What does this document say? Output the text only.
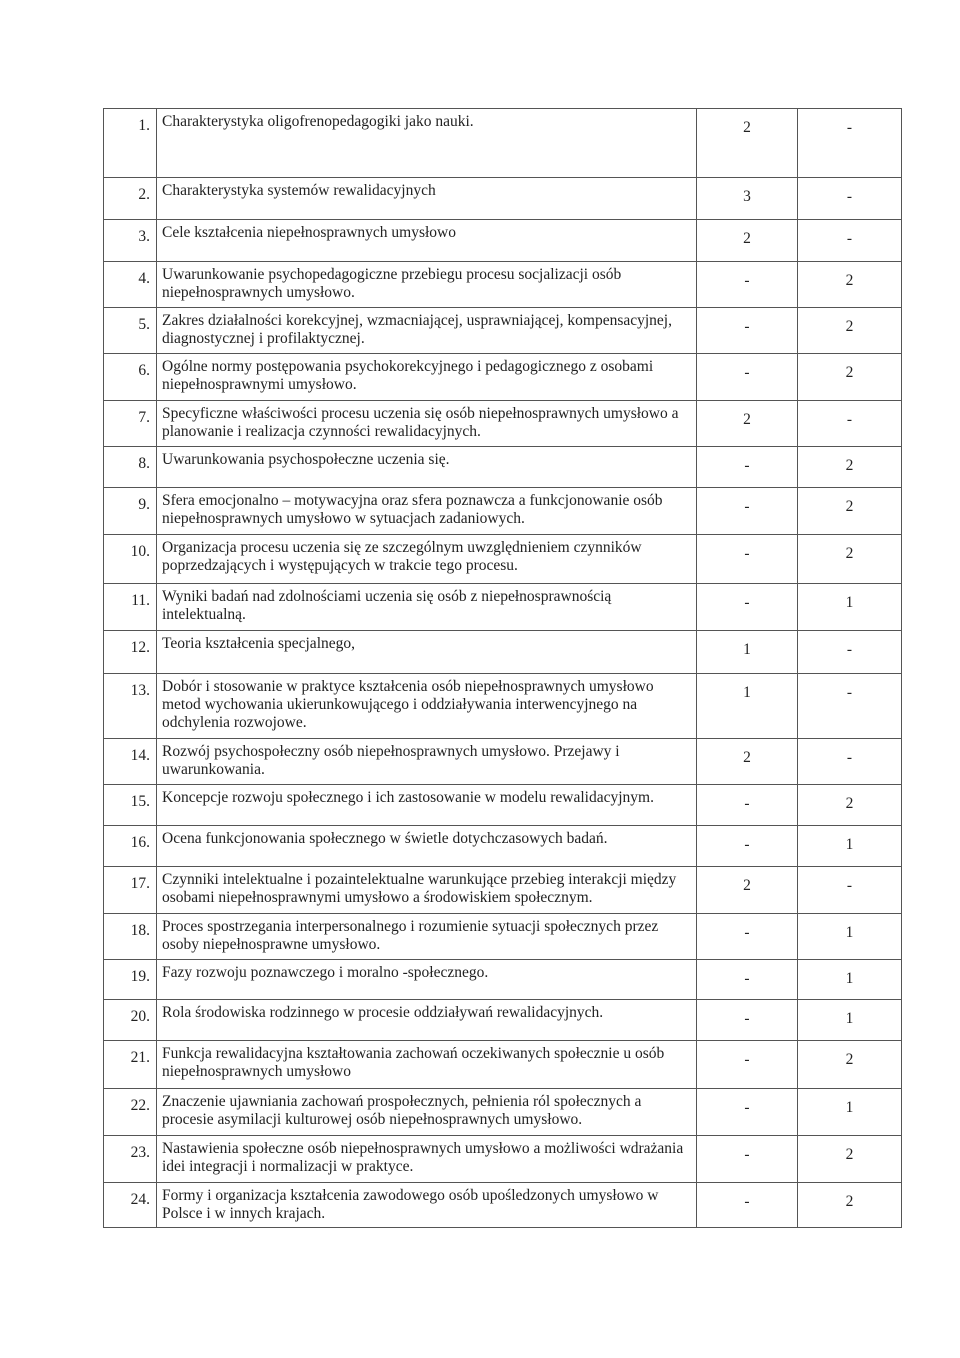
1.	Charakterystyka oligofrenopedagogiki jako nauki.	2	-
2.	Charakterystyka systemów rewalidacyjnych	3	-
3.	Cele kształcenia niepełnosprawnych umysłowo	2	-
4.	Uwarunkowanie psychopedagogiczne przebiegu procesu socjalizacji osób niepełnosprawnych umysłowo.	-	2
5.	Zakres działalności korekcyjnej, wzmacniającej, usprawniającej, kompensacyjnej, diagnostycznej i profilaktycznej.	-	2
6.	Ogólne normy postępowania psychokorekcyjnego i pedagogicznego z osobami niepełnosprawnymi umysłowo.	-	2
7.	Specyficzne właściwości procesu uczenia się osób niepełnosprawnych umysłowo a planowanie i realizacja czynności rewalidacyjnych.	2	-
8.	Uwarunkowania psychospołeczne uczenia się.	-	2
9.	Sfera emocjonalno – motywacyjna oraz sfera poznawcza a funkcjonowanie osób niepełnosprawnych umysłowo w sytuacjach zadaniowych.	-	2
10.	Organizacja procesu uczenia się ze szczególnym uwzględnieniem czynników poprzedzających i występujących w trakcie tego procesu.	-	2
11.	Wyniki badań nad zdolnościami uczenia się osób z niepełnosprawnością intelektualną.	-	1
12.	Teoria kształcenia specjalnego,	1	-
13.	Dobór i stosowanie w praktyce kształcenia osób niepełnosprawnych umysłowo metod wychowania ukierunkowującego i oddziaływania interwencyjnego na odchylenia rozwojowe.	1	-
14.	Rozwój psychospołeczny osób niepełnosprawnych umysłowo. Przejawy i uwarunkowania.	2	-
15.	Koncepcje rozwoju społecznego i ich zastosowanie w modelu rewalidacyjnym.	-	2
16.	Ocena funkcjonowania społecznego w świetle dotychczasowych badań.	-	1
17.	Czynniki intelektualne i pozaintelektualne warunkujące przebieg interakcji między osobami niepełnosprawnymi umysłowo a środowiskiem społecznym.	2	-
18.	Proces spostrzegania interpersonalnego i rozumienie sytuacji społecznych przez osoby niepełnosprawne umysłowo.	-	1
19.	Fazy rozwoju poznawczego i moralno -społecznego.	-	1
20.	Rola środowiska rodzinnego w procesie oddziaływań rewalidacyjnych.	-	1
21.	Funkcja rewalidacyjna kształtowania zachowań oczekiwanych społecznie u osób niepełnosprawnych umysłowo	-	2
22.	Znaczenie ujawniania zachowań prospołecznych, pełnienia ról społecznych a procesie asymilacji kulturowej osób niepełnosprawnych umysłowo.	-	1
23.	Nastawienia społeczne osób niepełnosprawnych umysłowo a możliwości wdrażania idei integracji i normalizacji w praktyce.	-	2
24.	Formy i organizacja kształcenia zawodowego osób upośledzonych umysłowo w Polsce i w innych krajach.	-	2
